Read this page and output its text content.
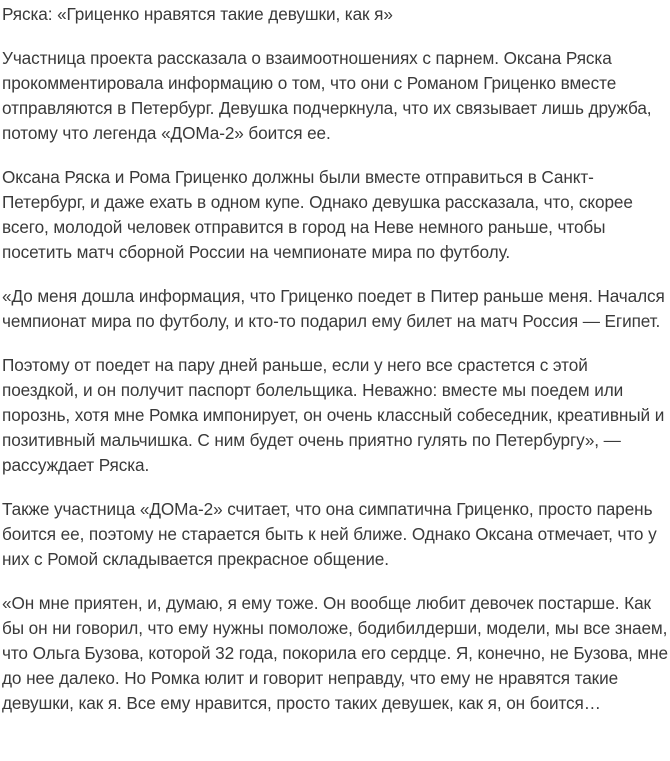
Ряска: «Гриценко нравятся такие девушки, как я»

Участница проекта рассказала о взаимоотношениях с парнем. Оксана Ряска прокомментировала информацию о том, что они с Романом Гриценко вместе отправляются в Петербург. Девушка подчеркнула, что их связывает лишь дружба, потому что легенда «ДОМа-2» боится ее.

Оксана Ряска и Рома Гриценко должны были вместе отправиться в Санкт-Петербург, и даже ехать в одном купе. Однако девушка рассказала, что, скорее всего, молодой человек отправится в город на Неве немного раньше, чтобы посетить матч сборной России на чемпионате мира по футболу.

«До меня дошла информация, что Гриценко поедет в Питер раньше меня. Начался чемпионат мира по футболу, и кто-то подарил ему билет на матч Россия — Египет.

Поэтому от поедет на пару дней раньше, если у него все срастется с этой поездкой, и он получит паспорт болельщика. Неважно: вместе мы поедем или порознь, хотя мне Ромка импонирует, он очень классный собеседник, креативный и позитивный мальчишка. С ним будет очень приятно гулять по Петербургу», — рассуждает Ряска.

Также участница «ДОМа-2» считает, что она симпатична Гриценко, просто парень боится ее, поэтому не старается быть к ней ближе. Однако Оксана отмечает, что у них с Ромой складывается прекрасное общение.

«Он мне приятен, и, думаю, я ему тоже. Он вообще любит девочек постарше. Как бы он ни говорил, что ему нужны помоложе, бодибилдерши, модели, мы все знаем, что Ольга Бузова, которой 32 года, покорила его сердце. Я, конечно, не Бузова, мне до нее далеко. Но Ромка юлит и говорит неправду, что ему не нравятся такие девушки, как я. Все ему нравится, просто таких девушек, как я, он боится…
